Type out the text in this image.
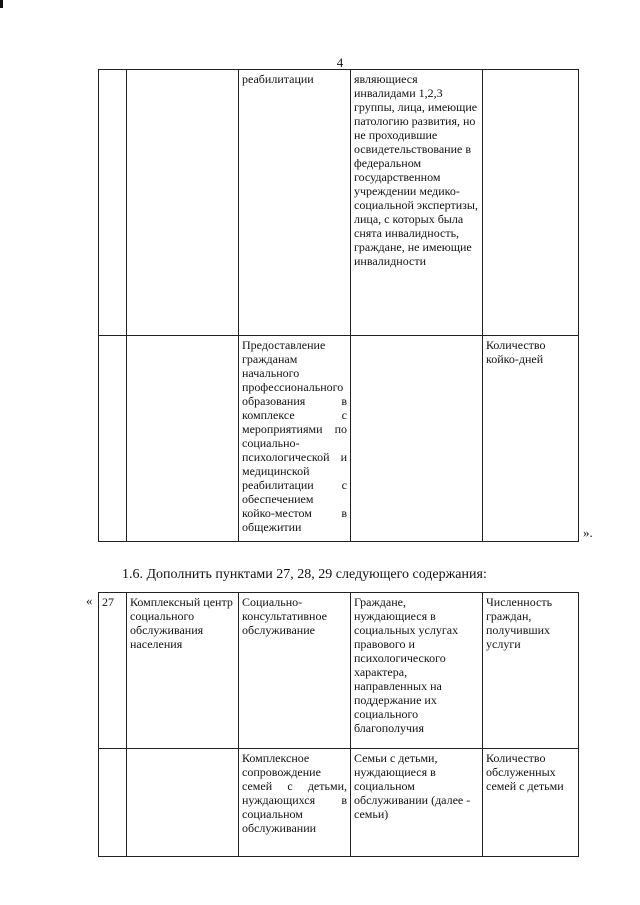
4
		реабилитации	являющиеся инвалидами 1,2,3 группы, лица, имеющие патологию развития, но не проходившие освидетельствование в федеральном государственном учреждении медико-социальной экспертизы, лица, с которых была снята инвалидность, граждане, не имеющие инвалидности	
		Предоставление гражданам начального профессионального образования в комплексе с мероприятиями по социально-психологической и медицинской реабилитации с обеспечением койко-местом в общежитии		Количество койко-дней
».
1.6. Дополнить пунктами 27, 28, 29 следующего содержания:
« 27	Комплексный центр социального обслуживания населения	Социально-консультативное обслуживание	Граждане, нуждающиеся в социальных услугах правового и психологического характера, направленных на поддержание их социального благополучия	Численность граждан, получивших услуги
		Комплексное сопровождение семей с детьми, нуждающихся в социальном обслуживании	Семьи с детьми, нуждающиеся в социальном обслуживании (далее - семьи)	Количество обслуженных семей с детьми
